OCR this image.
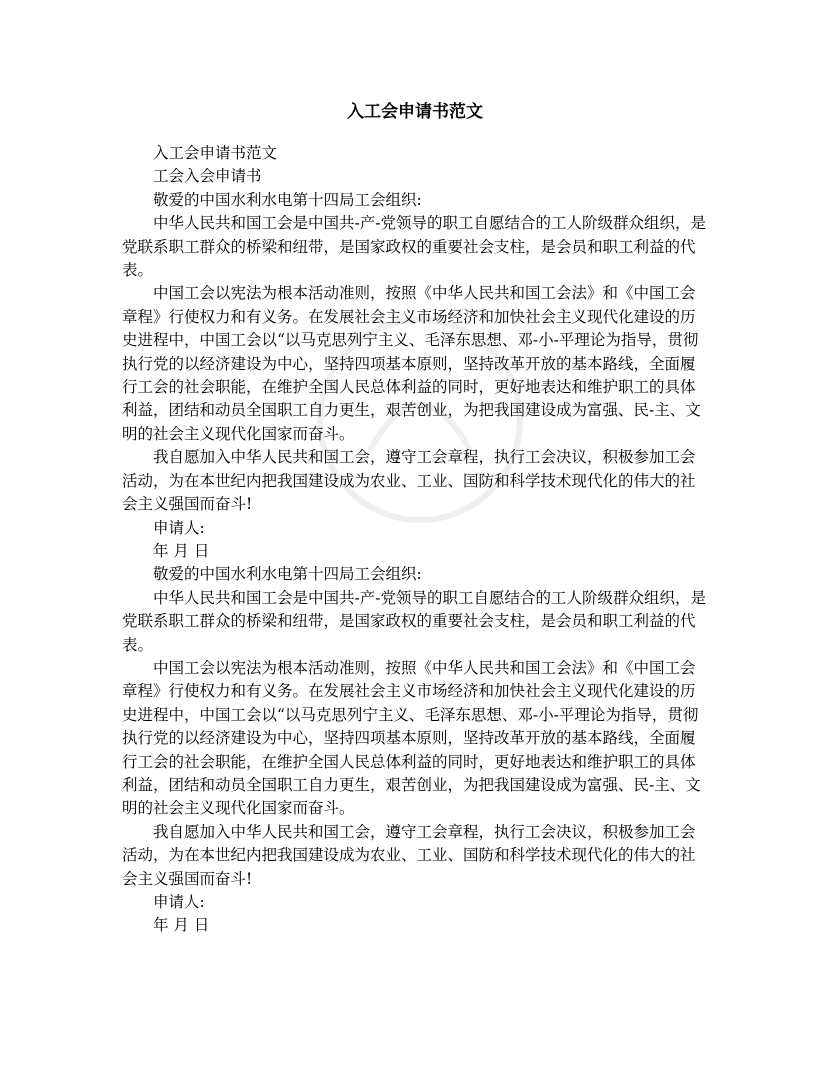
入工会申请书范文

入工会申请书范文

工会入会申请书

敬爱的中国水利水电第十四局工会组织:

中华人民共和国工会是中国共-产-党领导的职工自愿结合的工人阶级群众组织，是党联系职工群众的桥梁和纽带，是国家政权的重要社会支柱，是会员和职工利益的代表。

中国工会以宪法为根本活动准则，按照《中华人民共和国工会法》和《中国工会章程》行使权力和有义务。在发展社会主义市场经济和加快社会主义现代化建设的历史进程中，中国工会以“以马克思列宁主义、毛泽东思想、邓-小-平理论为指导，贯彻执行党的以经济建设为中心，坚持四项基本原则，坚持改革开放的基本路线，全面履行工会的社会职能，在维护全国人民总体利益的同时，更好地表达和维护职工的具体利益，团结和动员全国职工自力更生，艰苦创业，为把我国建设成为富强、民-主、文明的社会主义现代化国家而奋斗。

我自愿加入中华人民共和国工会，遵守工会章程，执行工会决议，积极参加工会活动，为在本世纪内把我国建设成为农业、工业、国防和科学技术现代化的伟大的社会主义强国而奋斗!

申请人:

年 月 日

敬爱的中国水利水电第十四局工会组织:

中华人民共和国工会是中国共-产-党领导的职工自愿结合的工人阶级群众组织，是党联系职工群众的桥梁和纽带，是国家政权的重要社会支柱，是会员和职工利益的代表。

中国工会以宪法为根本活动准则，按照《中华人民共和国工会法》和《中国工会章程》行使权力和有义务。在发展社会主义市场经济和加快社会主义现代化建设的历史进程中，中国工会以“以马克思列宁主义、毛泽东思想、邓-小-平理论为指导，贯彻执行党的以经济建设为中心，坚持四项基本原则，坚持改革开放的基本路线，全面履行工会的社会职能，在维护全国人民总体利益的同时，更好地表达和维护职工的具体利益，团结和动员全国职工自力更生，艰苦创业，为把我国建设成为富强、民-主、文明的社会主义现代化国家而奋斗。

我自愿加入中华人民共和国工会，遵守工会章程，执行工会决议，积极参加工会活动，为在本世纪内把我国建设成为农业、工业、国防和科学技术现代化的伟大的社会主义强国而奋斗!

申请人:

年 月 日
